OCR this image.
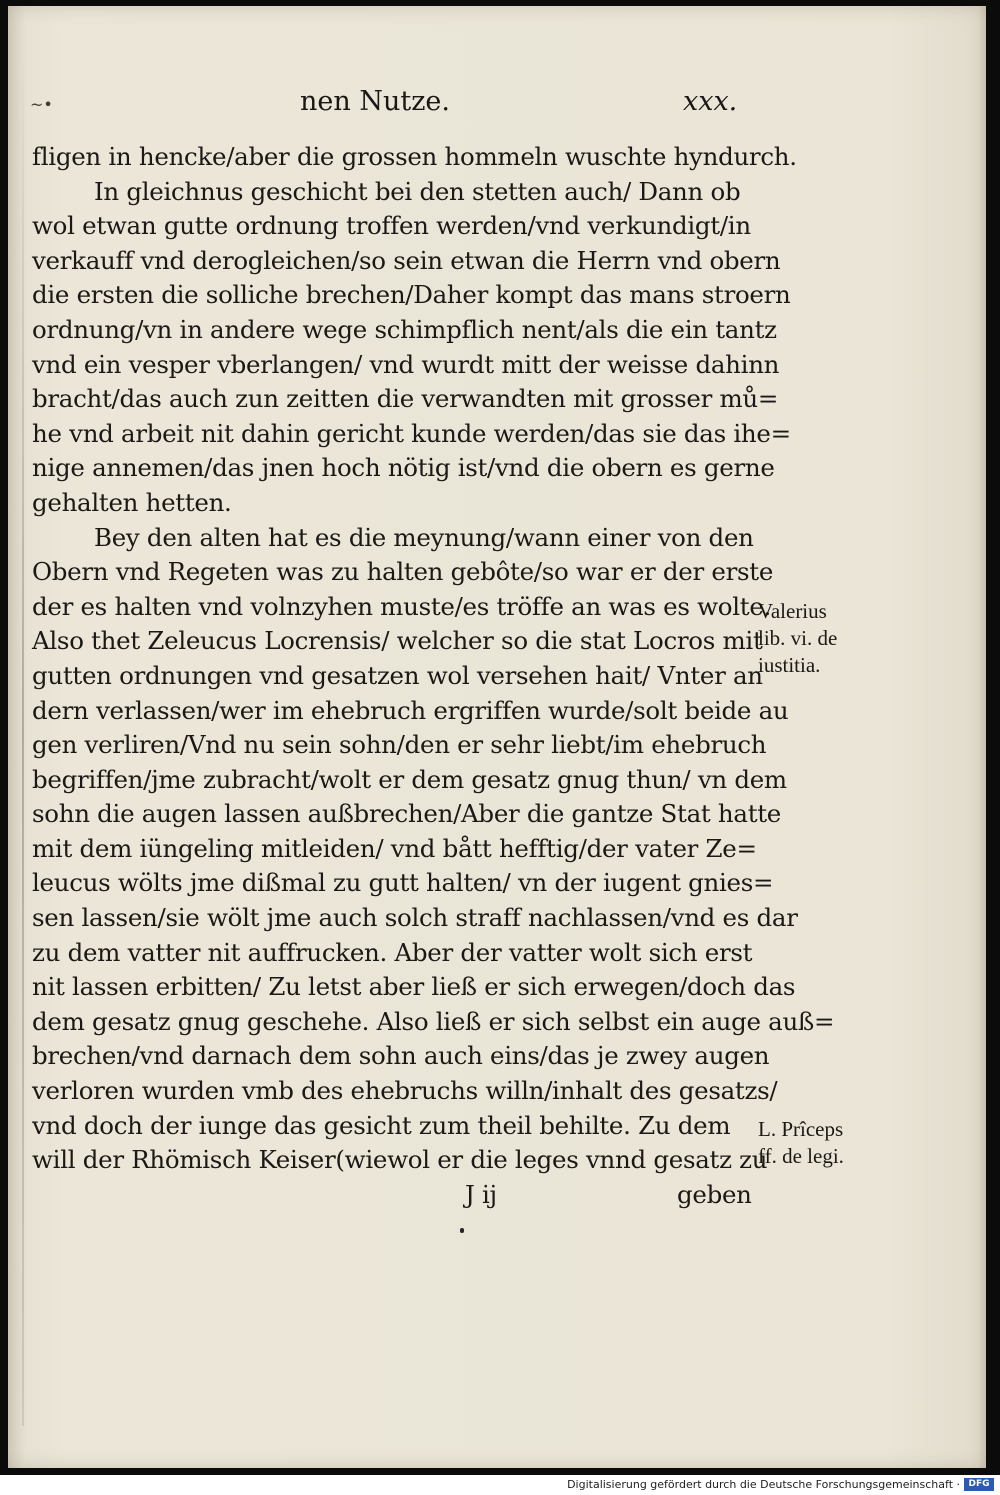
~•	nen Nutze.	xxx.
fligen in hencke/aber die grossen hommeln wuschte hyndurch.
In gleichnus geschicht bei den stetten auch/ Dann ob
wol etwan gutte ordnung troffen werden/vnd verkundigt/in
verkauff vnd derogleichen/so sein etwan die Herrn vnd obern
die ersten die solliche brechen/Daher kompt das mans stroern
ordnung/vn in andere wege schimpflich nent/als die ein tantz
vnd ein vesper vberlangen/ vnd wurdt mitt der weisse dahinn
bracht/das auch zun zeitten die verwandten mit grosser mů=
he vnd arbeit nit dahin gericht kunde werden/das sie das ihe=
nige annemen/das jnen hoch nötig ist/vnd die obern es gerne
gehalten hetten.
Bey den alten hat es die meynung/wann einer von den
Obern vnd Regeten was zu halten gebôte/so war er der erste
der es halten vnd volnzyhen muste/es tröffe an was es wolte.
Also thet Zeleucus Locrensis/ welcher so die stat Locros mit
gutten ordnungen vnd gesatzen wol versehen hait/ Vnter an
dern verlassen/wer im ehebruch ergriffen wurde/solt beide au
gen verliren/Vnd nu sein sohn/den er sehr liebt/im ehebruch
begriffen/jme zubracht/wolt er dem gesatz gnug thun/ vn dem
sohn die augen lassen außbrechen/Aber die gantze Stat hatte
mit dem iüngeling mitleiden/ vnd bått hefftig/der vater Ze=
leucus wölts jme dißmal zu gutt halten/ vn der iugent gnies=
sen lassen/sie wölt jme auch solch straff nachlassen/vnd es dar
zu dem vatter nit auffrucken. Aber der vatter wolt sich erst
nit lassen erbitten/ Zu letst aber ließ er sich erwegen/doch das
dem gesatz gnug geschehe. Also ließ er sich selbst ein auge auß=
brechen/vnd darnach dem sohn auch eins/das je zwey augen
verloren wurden vmb des ehebruchs willn/inhalt des gesatzs/
vnd doch der iunge das gesicht zum theil behilte. Zu dem
will der Rhömisch Keiser(wiewol er die leges vnnd gesatz zu
J ij	geben
Valerius
lib. vi. de
iustitia.
L. Prîceps
ff. de legi.
Digitalisierung gefördert durch die Deutsche Forschungsgemeinschaft · DFG
